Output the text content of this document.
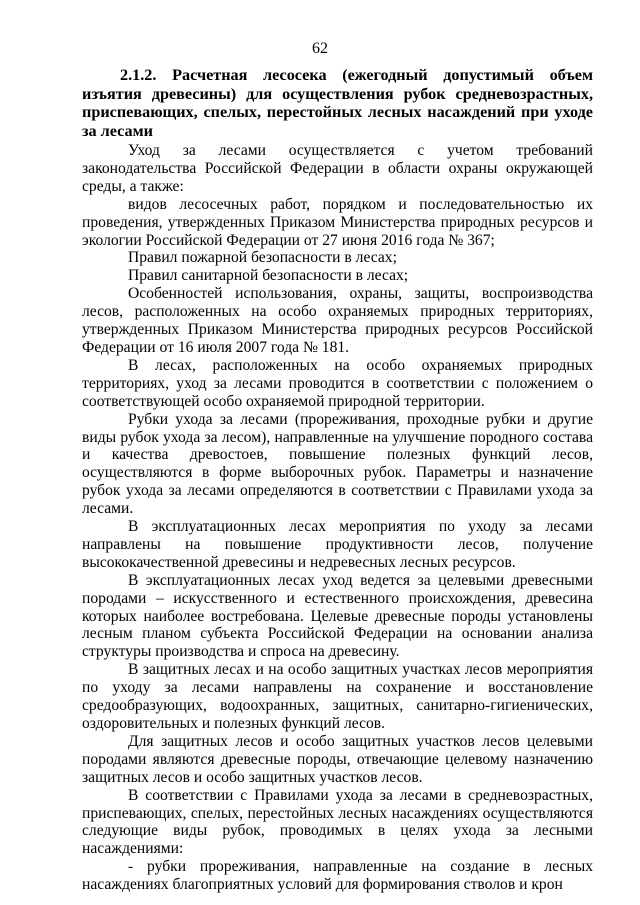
62
2.1.2. Расчетная лесосека (ежегодный допустимый объем изъятия древесины) для осуществления рубок средневозрастных, приспевающих, спелых, перестойных лесных насаждений при уходе за лесами

Уход за лесами осуществляется с учетом требований законодательства Российской Федерации в области охраны окружающей среды, а также:

видов лесосечных работ, порядком и последовательностью их проведения, утвержденных Приказом Министерства природных ресурсов и экологии Российской Федерации от 27 июня 2016 года № 367;

Правил пожарной безопасности в лесах;

Правил санитарной безопасности в лесах;

Особенностей использования, охраны, защиты, воспроизводства лесов, расположенных на особо охраняемых природных территориях, утвержденных Приказом Министерства природных ресурсов Российской Федерации от 16 июля 2007 года № 181.

В лесах, расположенных на особо охраняемых природных территориях, уход за лесами проводится в соответствии с положением о соответствующей особо охраняемой природной территории.

Рубки ухода за лесами (прореживания, проходные рубки и другие виды рубок ухода за лесом), направленные на улучшение породного состава и качества древостоев, повышение полезных функций лесов, осуществляются в форме выборочных рубок. Параметры и назначение рубок ухода за лесами определяются в соответствии с Правилами ухода за лесами.

В эксплуатационных лесах мероприятия по уходу за лесами направлены на повышение продуктивности лесов, получение высококачественной древесины и недревесных лесных ресурсов.

В эксплуатационных лесах уход ведется за целевыми древесными породами – искусственного и естественного происхождения, древесина которых наиболее востребована. Целевые древесные породы установлены лесным планом субъекта Российской Федерации на основании анализа структуры производства и спроса на древесину.

В защитных лесах и на особо защитных участках лесов мероприятия по уходу за лесами направлены на сохранение и восстановление средообразующих, водоохранных, защитных, санитарно-гигиенических, оздоровительных и полезных функций лесов.

Для защитных лесов и особо защитных участков лесов целевыми породами являются древесные породы, отвечающие целевому назначению защитных лесов и особо защитных участков лесов.

В соответствии с Правилами ухода за лесами в средневозрастных, приспевающих, спелых, перестойных лесных насаждениях осуществляются следующие виды рубок, проводимых в целях ухода за лесными насаждениями:

- рубки прореживания, направленные на создание в лесных насаждениях благоприятных условий для формирования стволов и крон
